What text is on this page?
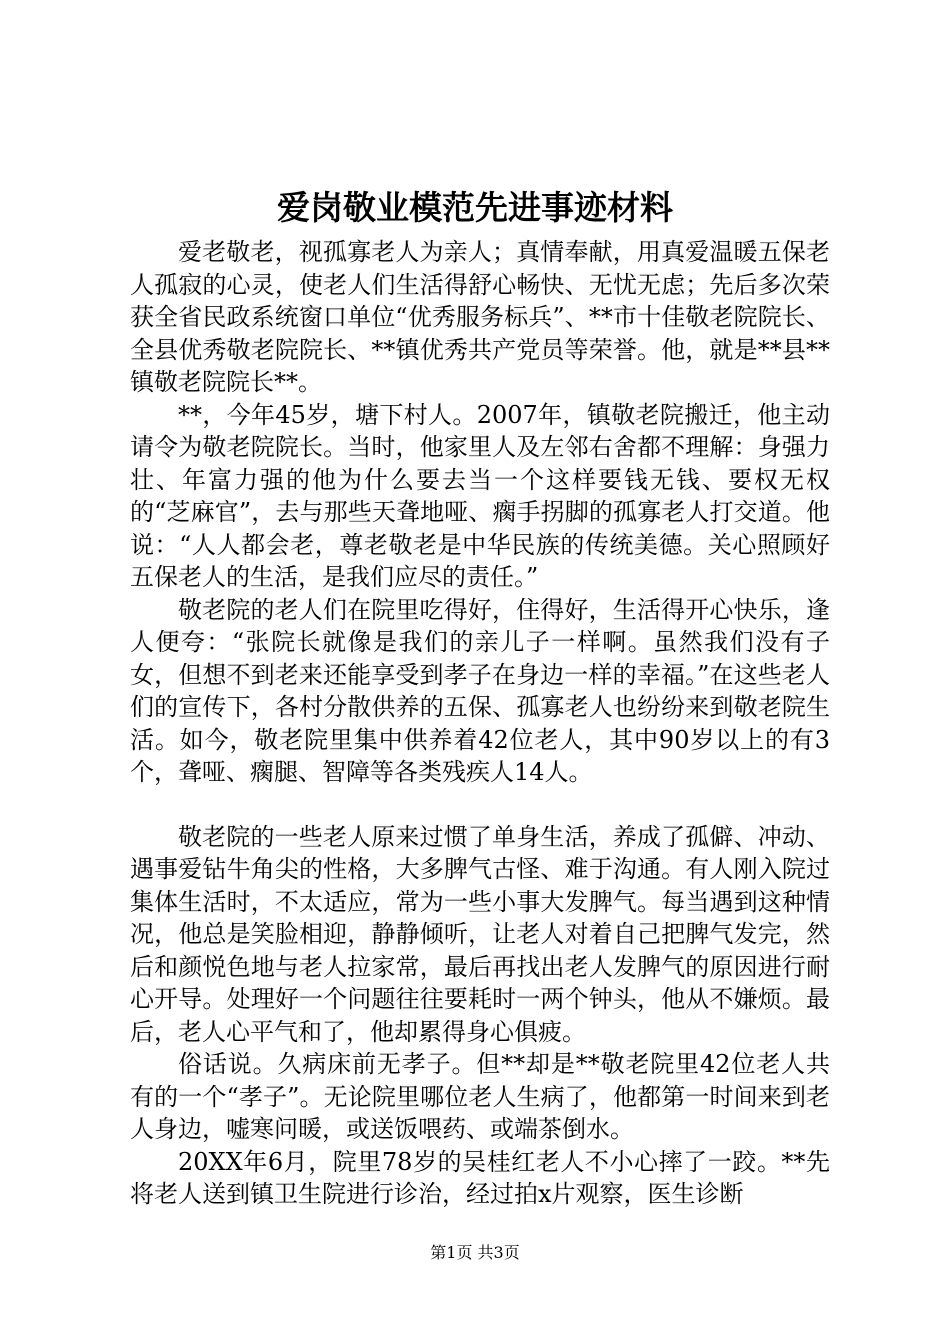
爱岗敬业模范先进事迹材料

爱老敬老，视孤寡老人为亲人；真情奉献，用真爱温暖五保老人孤寂的心灵，使老人们生活得舒心畅快、无忧无虑；先后多次荣获全省民政系统窗口单位“优秀服务标兵”、**市十佳敬老院院长、全县优秀敬老院院长、**镇优秀共产党员等荣誉。他，就是**县**镇敬老院院长**。

**，今年45岁，塘下村人。2007年，镇敬老院搬迁，他主动请令为敬老院院长。当时，他家里人及左邻右舍都不理解：身强力壮、年富力强的他为什么要去当一个这样要钱无钱、要权无权的“芝麻官”，去与那些天聋地哑、瘸手拐脚的孤寡老人打交道。他说：“人人都会老，尊老敬老是中华民族的传统美德。关心照顾好五保老人的生活，是我们应尽的责任。”

敬老院的老人们在院里吃得好，住得好，生活得开心快乐，逢人便夸：“张院长就像是我们的亲儿子一样啊。虽然我们没有子女，但想不到老来还能享受到孝子在身边一样的幸福。”在这些老人们的宣传下，各村分散供养的五保、孤寡老人也纷纷来到敬老院生活。如今，敬老院里集中供养着42位老人，其中90岁以上的有3个，聋哑、瘸腿、智障等各类残疾人14人。

敬老院的一些老人原来过惯了单身生活，养成了孤僻、冲动、遇事爱钻牛角尖的性格，大多脾气古怪、难于沟通。有人刚入院过集体生活时，不太适应，常为一些小事大发脾气。每当遇到这种情况，他总是笑脸相迎，静静倾听，让老人对着自己把脾气发完，然后和颜悦色地与老人拉家常，最后再找出老人发脾气的原因进行耐心开导。处理好一个问题往往要耗时一两个钟头，他从不嫌烦。最后，老人心平气和了，他却累得身心俱疲。

俗话说。久病床前无孝子。但**却是**敬老院里42位老人共有的一个“孝子”。无论院里哪位老人生病了，他都第一时间来到老人身边，嘘寒问暖，或送饭喂药、或端茶倒水。

20XX年6月，院里78岁的吴桂红老人不小心摔了一跤。**先将老人送到镇卫生院进行诊治，经过拍x片观察，医生诊断

第1页 共3页
